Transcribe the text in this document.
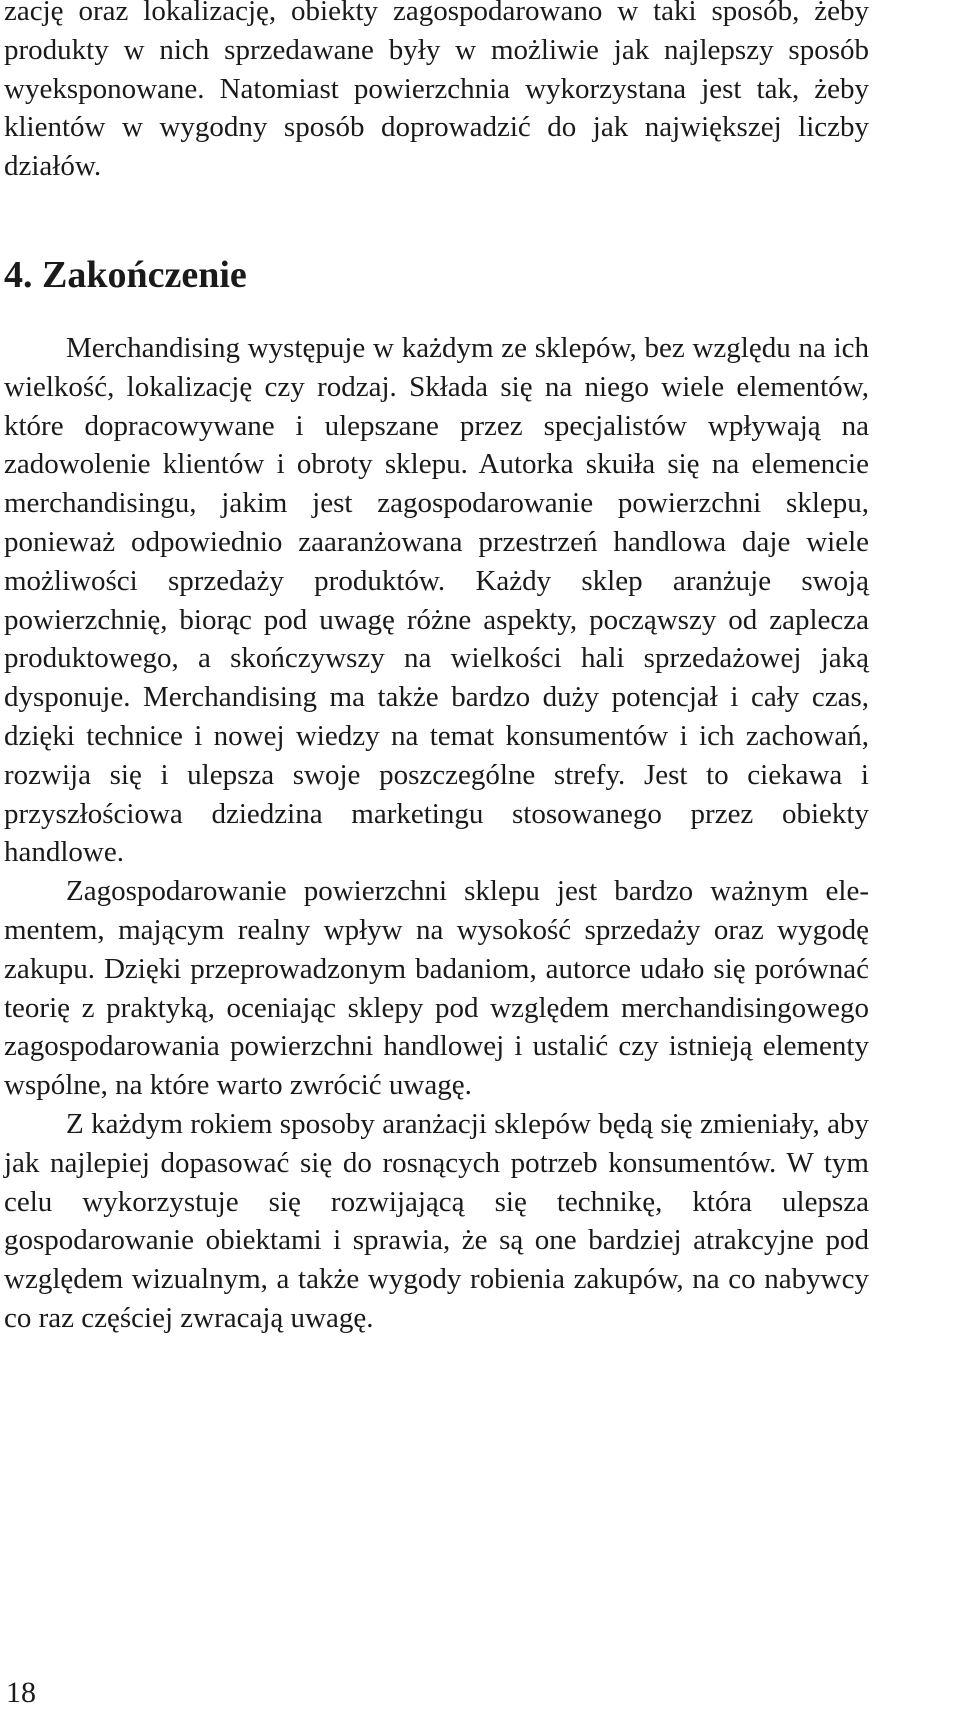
zację oraz lokalizację, obiekty zagospodarowano w taki sposób, żeby produkty w nich sprzedawane były w możliwie jak najlepszy sposób wyeksponowane. Natomiast powierzchnia wykorzystana jest tak, żeby klientów w wygodny sposób doprowadzić do jak największej liczby działów.

4. Zakończenie

Merchandising występuje w każdym ze sklepów, bez względu na ich wielkość, lokalizację czy rodzaj. Składa się na niego wiele elementów, które dopracowywane i ulepszane przez specjalistów wpływają na zadowolenie klientów i obroty sklepu. Autorka skuiła się na elemencie merchandisingu, jakim jest zagospodarowanie powierzchni sklepu, ponieważ odpowiednio zaaranżowana przestrzeń handlowa daje wiele możliwości sprzedaży produktów. Każdy sklep aranżuje swoją powierzchnię, biorąc pod uwagę różne aspekty, począwszy od zaplecza produktowego, a skończywszy na wielkości hali sprzedażowej jaką dysponuje. Merchandising ma także bardzo duży potencjał i cały czas, dzięki technice i nowej wiedzy na temat konsumentów i ich zachowań, rozwija się i ulepsza swoje poszczególne strefy. Jest to ciekawa i przyszłościowa dziedzina marketingu stosowanego przez obiekty handlowe.

Zagospodarowanie powierzchni sklepu jest bardzo ważnym elementem, mającym realny wpływ na wysokość sprzedaży oraz wygodę zakupu. Dzięki przeprowadzonym badaniom, autorce udało się porównać teorię z praktyką, oceniając sklepy pod względem merchandisingowego zagospodarowania powierzchni handlowej i ustalić czy istnieją elementy wspólne, na które warto zwrócić uwagę.

Z każdym rokiem sposoby aranżacji sklepów będą się zmieniały, aby jak najlepiej dopasować się do rosnących potrzeb konsumentów. W tym celu wykorzystuje się rozwijającą się technikę, która ulepsza gospodarowanie obiektami i sprawia, że są one bardziej atrakcyjne pod względem wizualnym, a także wygody robienia zakupów, na co nabywcy co raz częściej zwracają uwagę.

18
